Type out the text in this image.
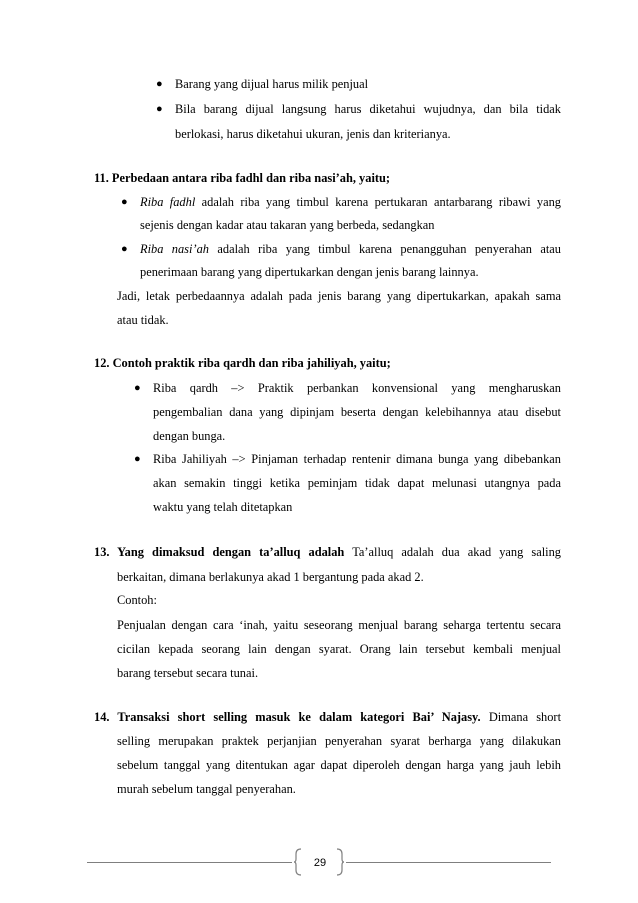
● Barang yang dijual harus milik penjual
● Bila barang dijual langsung harus diketahui wujudnya, dan bila tidak
berlokasi, harus diketahui ukuran, jenis dan kriterianya.
11. Perbedaan antara riba fadhl dan riba nasi’ah, yaitu;
● Riba fadhl adalah riba yang timbul karena pertukaran antarbarang ribawi yang
sejenis dengan kadar atau takaran yang berbeda, sedangkan
● Riba nasi’ah adalah riba yang timbul karena penangguhan penyerahan atau
penerimaan barang yang dipertukarkan dengan jenis barang lainnya.
Jadi, letak perbedaannya adalah pada jenis barang yang dipertukarkan, apakah sama
atau tidak.
12. Contoh praktik riba qardh dan riba jahiliyah, yaitu;
● Riba qardh –> Praktik perbankan konvensional yang mengharuskan
pengembalian dana yang dipinjam beserta dengan kelebihannya atau disebut
dengan bunga.
● Riba Jahiliyah –> Pinjaman terhadap rentenir dimana bunga yang dibebankan
akan semakin tinggi ketika peminjam tidak dapat melunasi utangnya pada
waktu yang telah ditetapkan
13. Yang dimaksud dengan ta’alluq adalah Ta’alluq adalah dua akad yang saling
berkaitan, dimana berlakunya akad 1 bergantung pada akad 2.
Contoh:
Penjualan dengan cara ‘inah, yaitu seseorang menjual barang seharga tertentu secara
cicilan kepada seorang lain dengan syarat. Orang lain tersebut kembali menjual
barang tersebut secara tunai.
14. Transaksi short selling masuk ke dalam kategori Bai’ Najasy. Dimana short
selling merupakan praktek perjanjian penyerahan syarat berharga yang dilakukan
sebelum tanggal yang ditentukan agar dapat diperoleh dengan harga yang jauh lebih
murah sebelum tanggal penyerahan.
29
